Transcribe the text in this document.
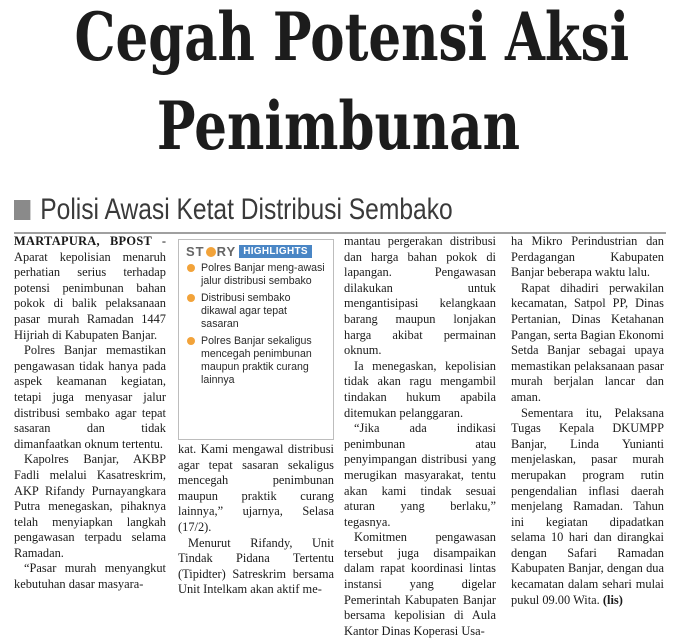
Cegah Potensi Aksi
Penimbunan
Polisi Awasi Ketat Distribusi Sembako

MARTAPURA, BPOST - Aparat kepolisian menaruh perhatian serius terhadap potensi penimbunan bahan pokok di balik pelaksanaan pasar murah Ramadan 1447 Hijriah di Kabupaten Banjar.

Polres Banjar memastikan pengawasan tidak hanya pada aspek keamanan kegiatan, tetapi juga menyasar jalur distribusi sembako agar tepat sasaran dan tidak dimanfaatkan oknum tertentu.

Kapolres Banjar, AKBP Fadli melalui Kasatreskrim, AKP Rifandy Purnayangkara Putra menegaskan, pihaknya telah menyiapkan langkah pengawasan terpadu selama Ramadan.

“Pasar murah menyangkut kebutuhan dasar masyara-

ST RY HIGHLIGHTS
Polres Banjar meng-awasi jalur distribusi sembako
Distribusi sembako dikawal agar tepat sasaran
Polres Banjar sekaligus mencegah penimbunan maupun praktik curang lainnya

kat. Kami mengawal distribusi agar tepat sasaran sekaligus mencegah penimbunan maupun praktik curang lainnya,” ujarnya, Selasa (17/2).

Menurut Rifandy, Unit Tindak Pidana Tertentu (Tipidter) Satreskrim bersama Unit Intelkam akan aktif me-

mantau pergerakan distribusi dan harga bahan pokok di lapangan. Pengawasan dilakukan untuk mengantisipasi kelangkaan barang maupun lonjakan harga akibat permainan oknum.

Ia menegaskan, kepolisian tidak akan ragu mengambil tindakan hukum apabila ditemukan pelanggaran.

“Jika ada indikasi penimbunan atau penyimpangan distribusi yang merugikan masyarakat, tentu akan kami tindak sesuai aturan yang berlaku,” tegasnya.

Komitmen pengawasan tersebut juga disampaikan dalam rapat koordinasi lintas instansi yang digelar Pemerintah Kabupaten Banjar bersama kepolisian di Aula Kantor Dinas Koperasi Usa-

ha Mikro Perindustrian dan Perdagangan Kabupaten Banjar beberapa waktu lalu.

Rapat dihadiri perwakilan kecamatan, Satpol PP, Dinas Pertanian, Dinas Ketahanan Pangan, serta Bagian Ekonomi Setda Banjar sebagai upaya memastikan pelaksanaan pasar murah berjalan lancar dan aman.

Sementara itu, Pelaksana Tugas Kepala DKUMPP Banjar, Linda Yunianti menjelaskan, pasar murah merupakan program rutin pengendalian inflasi daerah menjelang Ramadan. Tahun ini kegiatan dipadatkan selama 10 hari dan dirangkai dengan Safari Ramadan Kabupaten Banjar, dengan dua kecamatan dalam sehari mulai pukul 09.00 Wita. (lis)
